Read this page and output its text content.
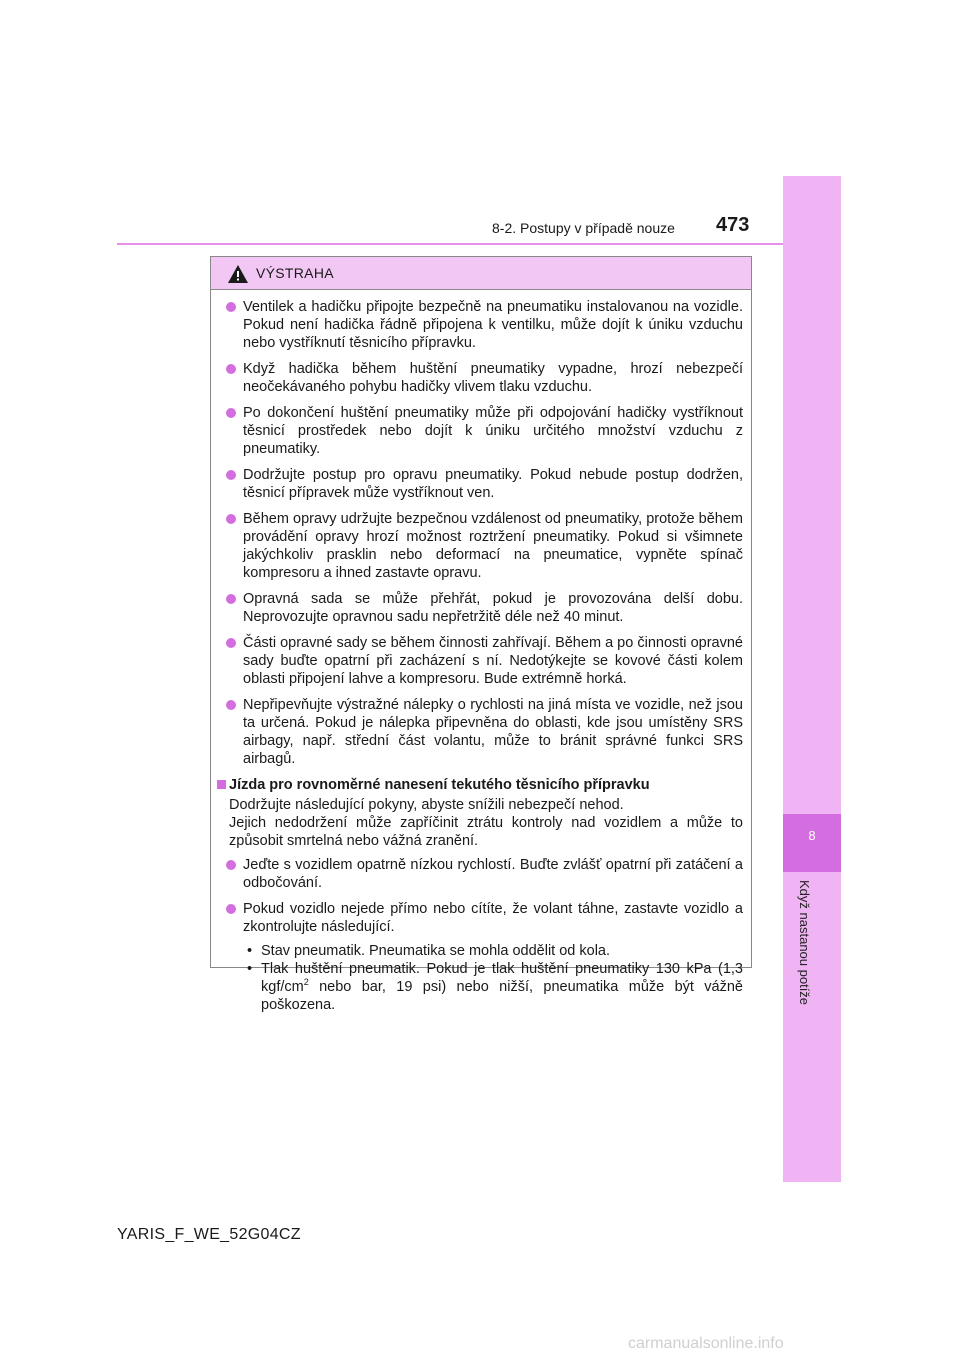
8
Když nastanou potíže
8-2. Postupy v případě nouze 473
VÝSTRAHA
Ventilek a hadičku připojte bezpečně na pneumatiku instalovanou na vozidle. Pokud není hadička řádně připojena k ventilku, může dojít k úniku vzduchu nebo vystříknutí těsnicího přípravku.
Když hadička během huštění pneumatiky vypadne, hrozí nebezpečí neočekávaného pohybu hadičky vlivem tlaku vzduchu.
Po dokončení huštění pneumatiky může při odpojování hadičky vystříknout těsnicí prostředek nebo dojít k úniku určitého množství vzduchu z pneumatiky.
Dodržujte postup pro opravu pneumatiky. Pokud nebude postup dodržen, těsnicí přípravek může vystříknout ven.
Během opravy udržujte bezpečnou vzdálenost od pneumatiky, protože během provádění opravy hrozí možnost roztržení pneumatiky. Pokud si všimnete jakýchkoliv prasklin nebo deformací na pneumatice, vypněte spínač kompresoru a ihned zastavte opravu.
Opravná sada se může přehřát, pokud je provozována delší dobu. Neprovozujte opravnou sadu nepřetržitě déle než 40 minut.
Části opravné sady se během činnosti zahřívají. Během a po činnosti opravné sady buďte opatrní při zacházení s ní. Nedotýkejte se kovové části kolem oblasti připojení lahve a kompresoru. Bude extrémně horká.
Nepřipevňujte výstražné nálepky o rychlosti na jiná místa ve vozidle, než jsou ta určená. Pokud je nálepka připevněna do oblasti, kde jsou umístěny SRS airbagy, např. střední část volantu, může to bránit správné funkci SRS airbagů.
Jízda pro rovnoměrné nanesení tekutého těsnicího přípravku
Dodržujte následující pokyny, abyste snížili nebezpečí nehod.
Jejich nedodržení může zapříčinit ztrátu kontroly nad vozidlem a může to způsobit smrtelná nebo vážná zranění.
Jeďte s vozidlem opatrně nízkou rychlostí. Buďte zvlášť opatrní při zatáčení a odbočování.
Pokud vozidlo nejede přímo nebo cítíte, že volant táhne, zastavte vozidlo a zkontrolujte následující.
• Stav pneumatik. Pneumatika se mohla oddělit od kola.
• Tlak huštění pneumatik. Pokud je tlak huštění pneumatiky 130 kPa (1,3 kgf/$cm^2$ nebo bar, 19 psi) nebo nižší, pneumatika může být vážně poškozena.
YARIS_F_WE_52G04CZ
carmanualsonline.info
